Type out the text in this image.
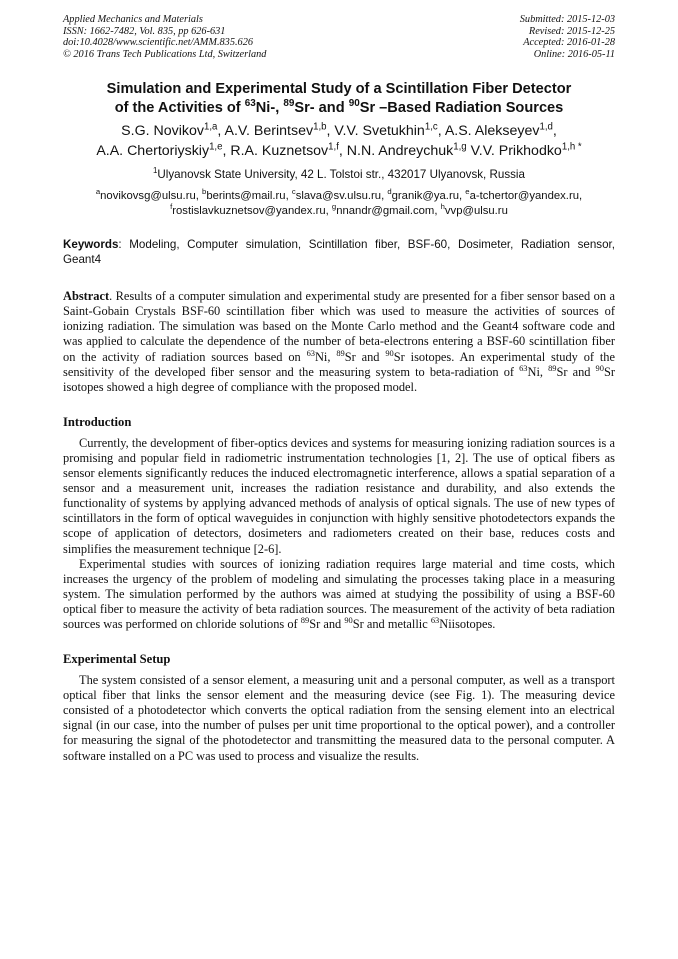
Applied Mechanics and Materials
ISSN: 1662-7482, Vol. 835, pp 626-631
doi:10.4028/www.scientific.net/AMM.835.626
© 2016 Trans Tech Publications Ltd, Switzerland
Submitted: 2015-12-03
Revised: 2015-12-25
Accepted: 2016-01-28
Online: 2016-05-11
Simulation and Experimental Study of a Scintillation Fiber Detector
of the Activities of $^{63}$Ni-, $^{89}$Sr- and $^{90}$Sr –Based Radiation Sources
S.G. Novikov$^{1,a}$, A.V. Berintsev$^{1,b}$, V.V. Svetukhin$^{1,c}$, A.S. Alekseyev$^{1,d}$,
A.A. Chertoriyskiy$^{1,e}$, R.A. Kuznetsov$^{1,f}$, N.N. Andreychuk$^{1,g}$ V.V. Prikhodko$^{1,h *}$
$^1$Ulyanovsk State University, 42 L. Tolstoi str., 432017 Ulyanovsk, Russia
$^a$novikovsg@ulsu.ru, $^b$berints@mail.ru, $^c$slava@sv.ulsu.ru, $^d$granik@ya.ru, $^e$a-tchertor@yandex.ru,
$^f$rostislavkuznetsov@yandex.ru, $^g$nnandr@gmail.com, $^h$vvp@ulsu.ru
Keywords: Modeling, Computer simulation, Scintillation fiber, BSF-60, Dosimeter, Radiation sensor, Geant4
Abstract. Results of a computer simulation and experimental study are presented for a fiber sensor based on a Saint-Gobain Crystals BSF-60 scintillation fiber which was used to measure the activities of sources of ionizing radiation. The simulation was based on the Monte Carlo method and the Geant4 software code and was applied to calculate the dependence of the number of beta-electrons entering a BSF-60 scintillation fiber on the activity of radiation sources based on $^{63}$Ni, $^{89}$Sr and $^{90}$Sr isotopes. An experimental study of the sensitivity of the developed fiber sensor and the measuring system to beta-radiation of $^{63}$Ni, $^{89}$Sr and $^{90}$Sr isotopes showed a high degree of compliance with the proposed model.
Introduction

Currently, the development of fiber-optics devices and systems for measuring ionizing radiation sources is a promising and popular field in radiometric instrumentation technologies [1, 2]. The use of optical fibers as sensor elements significantly reduces the induced electromagnetic interference, allows a spatial separation of a sensor and a measurement unit, increases the radiation resistance and durability, and also extends the functionality of systems by applying advanced methods of analysis of optical signals. The use of new types of scintillators in the form of optical waveguides in conjunction with highly sensitive photodetectors expands the scope of application of detectors, dosimeters and radiometers created on their base, reduces costs and simplifies the measurement technique [2-6].

Experimental studies with sources of ionizing radiation requires large material and time costs, which increases the urgency of the problem of modeling and simulating the processes taking place in a measuring system. The simulation performed by the authors was aimed at studying the possibility of using a BSF-60 optical fiber to measure the activity of beta radiation sources. The measurement of the activity of beta radiation sources was performed on chloride solutions of $^{89}$Sr and $^{90}$Sr and metallic $^{63}$Niisotopes.

Experimental Setup

The system consisted of a sensor element, a measuring unit and a personal computer, as well as a transport optical fiber that links the sensor element and the measuring device (see Fig. 1). The measuring device consisted of a photodetector which converts the optical radiation from the sensing element into an electrical signal (in our case, into the number of pulses per unit time proportional to the optical power), and a controller for measuring the signal of the photodetector and transmitting the measured data to the personal computer. A software installed on a PC was used to process and visualize the results.
